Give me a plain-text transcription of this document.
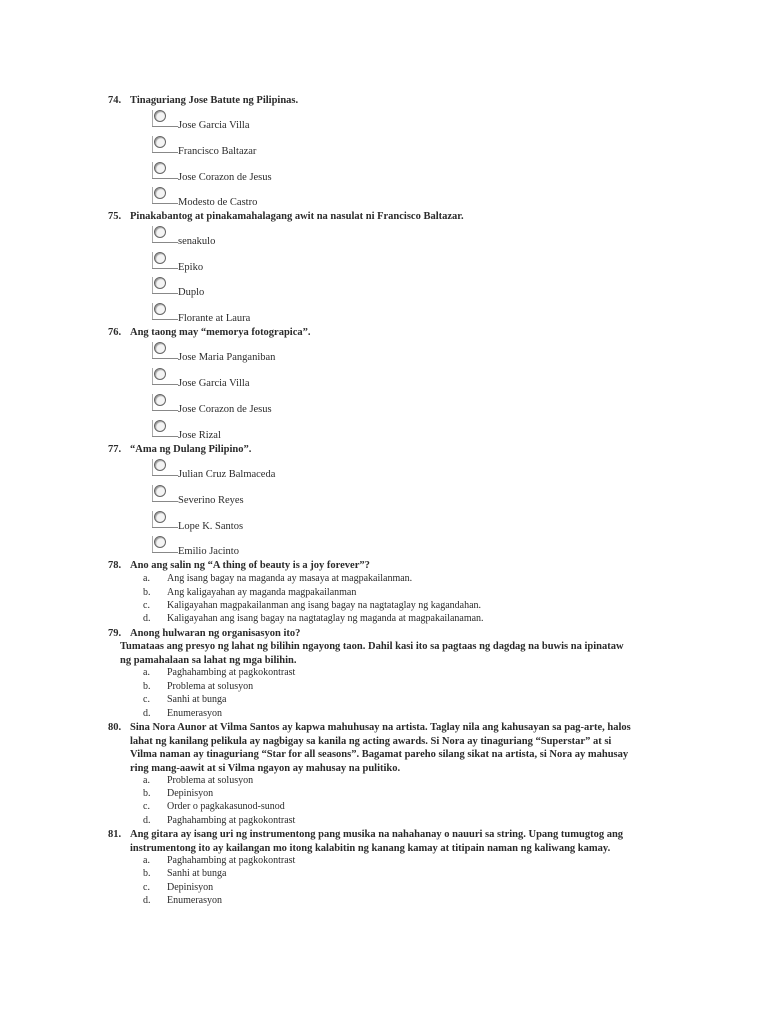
74. Tinaguriang Jose Batute ng Pilipinas.
Jose Garcia Villa
Francisco Baltazar
Jose Corazon de Jesus
Modesto de Castro
75. Pinakabantog at pinakamahalagang awit na nasulat ni Francisco Baltazar.
senakulo
Epiko
Duplo
Florante at Laura
76. Ang taong may “memorya fotograpica”.
Jose Maria Panganiban
Jose Garcia Villa
Jose Corazon de Jesus
Jose Rizal
77. “Ama ng Dulang Pilipino”.
Julian Cruz Balmaceda
Severino Reyes
Lope K. Santos
Emilio Jacinto
78. Ano ang salin ng “A thing of beauty is a joy forever”?
a. Ang isang bagay na maganda ay masaya at magpakailanman.
b. Ang kaligayahan ay maganda magpakailanman
c. Kaligayahan magpakailanman ang isang bagay na nagtataglay ng kagandahan.
d. Kaligayahan ang isang bagay na nagtataglay ng maganda at magpakailanaman.
79. Anong hulwaran ng organisasyon ito?
Tumataas ang presyo ng lahat ng bilihin ngayong taon. Dahil kasi ito sa pagtaas ng dagdag na buwis na ipinataw
ng pamahalaan sa lahat ng mga bilihin.
a. Paghahambing at pagkokontrast
b. Problema at solusyon
c. Sanhi at bunga
d. Enumerasyon
80. Sina Nora Aunor at Vilma Santos ay kapwa mahuhusay na artista. Taglay nila ang kahusayan sa pag-arte, halos
lahat ng kanilang pelikula ay nagbigay sa kanila ng acting awards. Si Nora ay tinaguriang “Superstar” at si
Vilma naman ay tinaguriang “Star for all seasons”. Bagamat pareho silang sikat na artista, si Nora ay mahusay
ring mang-aawit at si Vilma ngayon ay mahusay na pulitiko.
a. Problema at solusyon
b. Depinisyon
c. Order o pagkakasunod-sunod
d. Paghahambing at pagkokontrast
81. Ang gitara ay isang uri ng instrumentong pang musika na nahahanay o nauuri sa string. Upang tumugtog ang
instrumentong ito ay kailangan mo itong kalabitin ng kanang kamay at titipain naman ng kaliwang kamay.
a. Paghahambing at pagkokontrast
b. Sanhi at bunga
c. Depinisyon
d. Enumerasyon
